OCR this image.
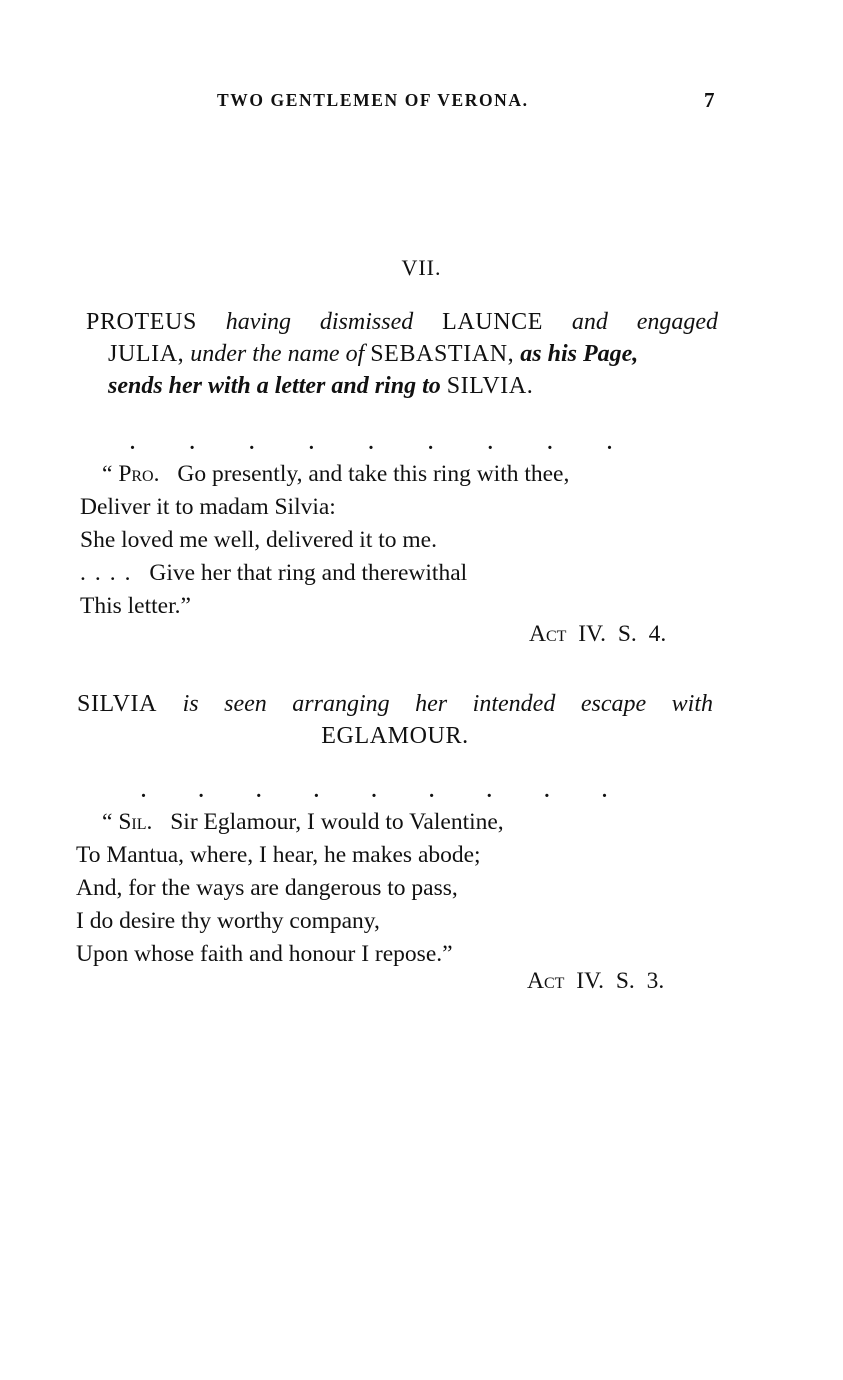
TWO GENTLEMEN OF VERONA.	7
VII.
PROTEUS having dismissed LAUNCE and engaged
JULIA, under the name of SEBASTIAN, as his Page,
sends her with a letter and ring to SILVIA.
.	.	.	.	.	.	.	.	.
“ Pro. Go presently, and take this ring with thee,
Deliver it to madam Silvia:
She loved me well, delivered it to me.
.... Give her that ring and therewithal
This letter.”
Act IV. S. 4.
SILVIA is seen arranging her intended escape with
EGLAMOUR.
.	.	.	.	.	.	.	.	.
“ Sil. Sir Eglamour, I would to Valentine,
To Mantua, where, I hear, he makes abode;
And, for the ways are dangerous to pass,
I do desire thy worthy company,
Upon whose faith and honour I repose.”
Act IV. S. 3.
